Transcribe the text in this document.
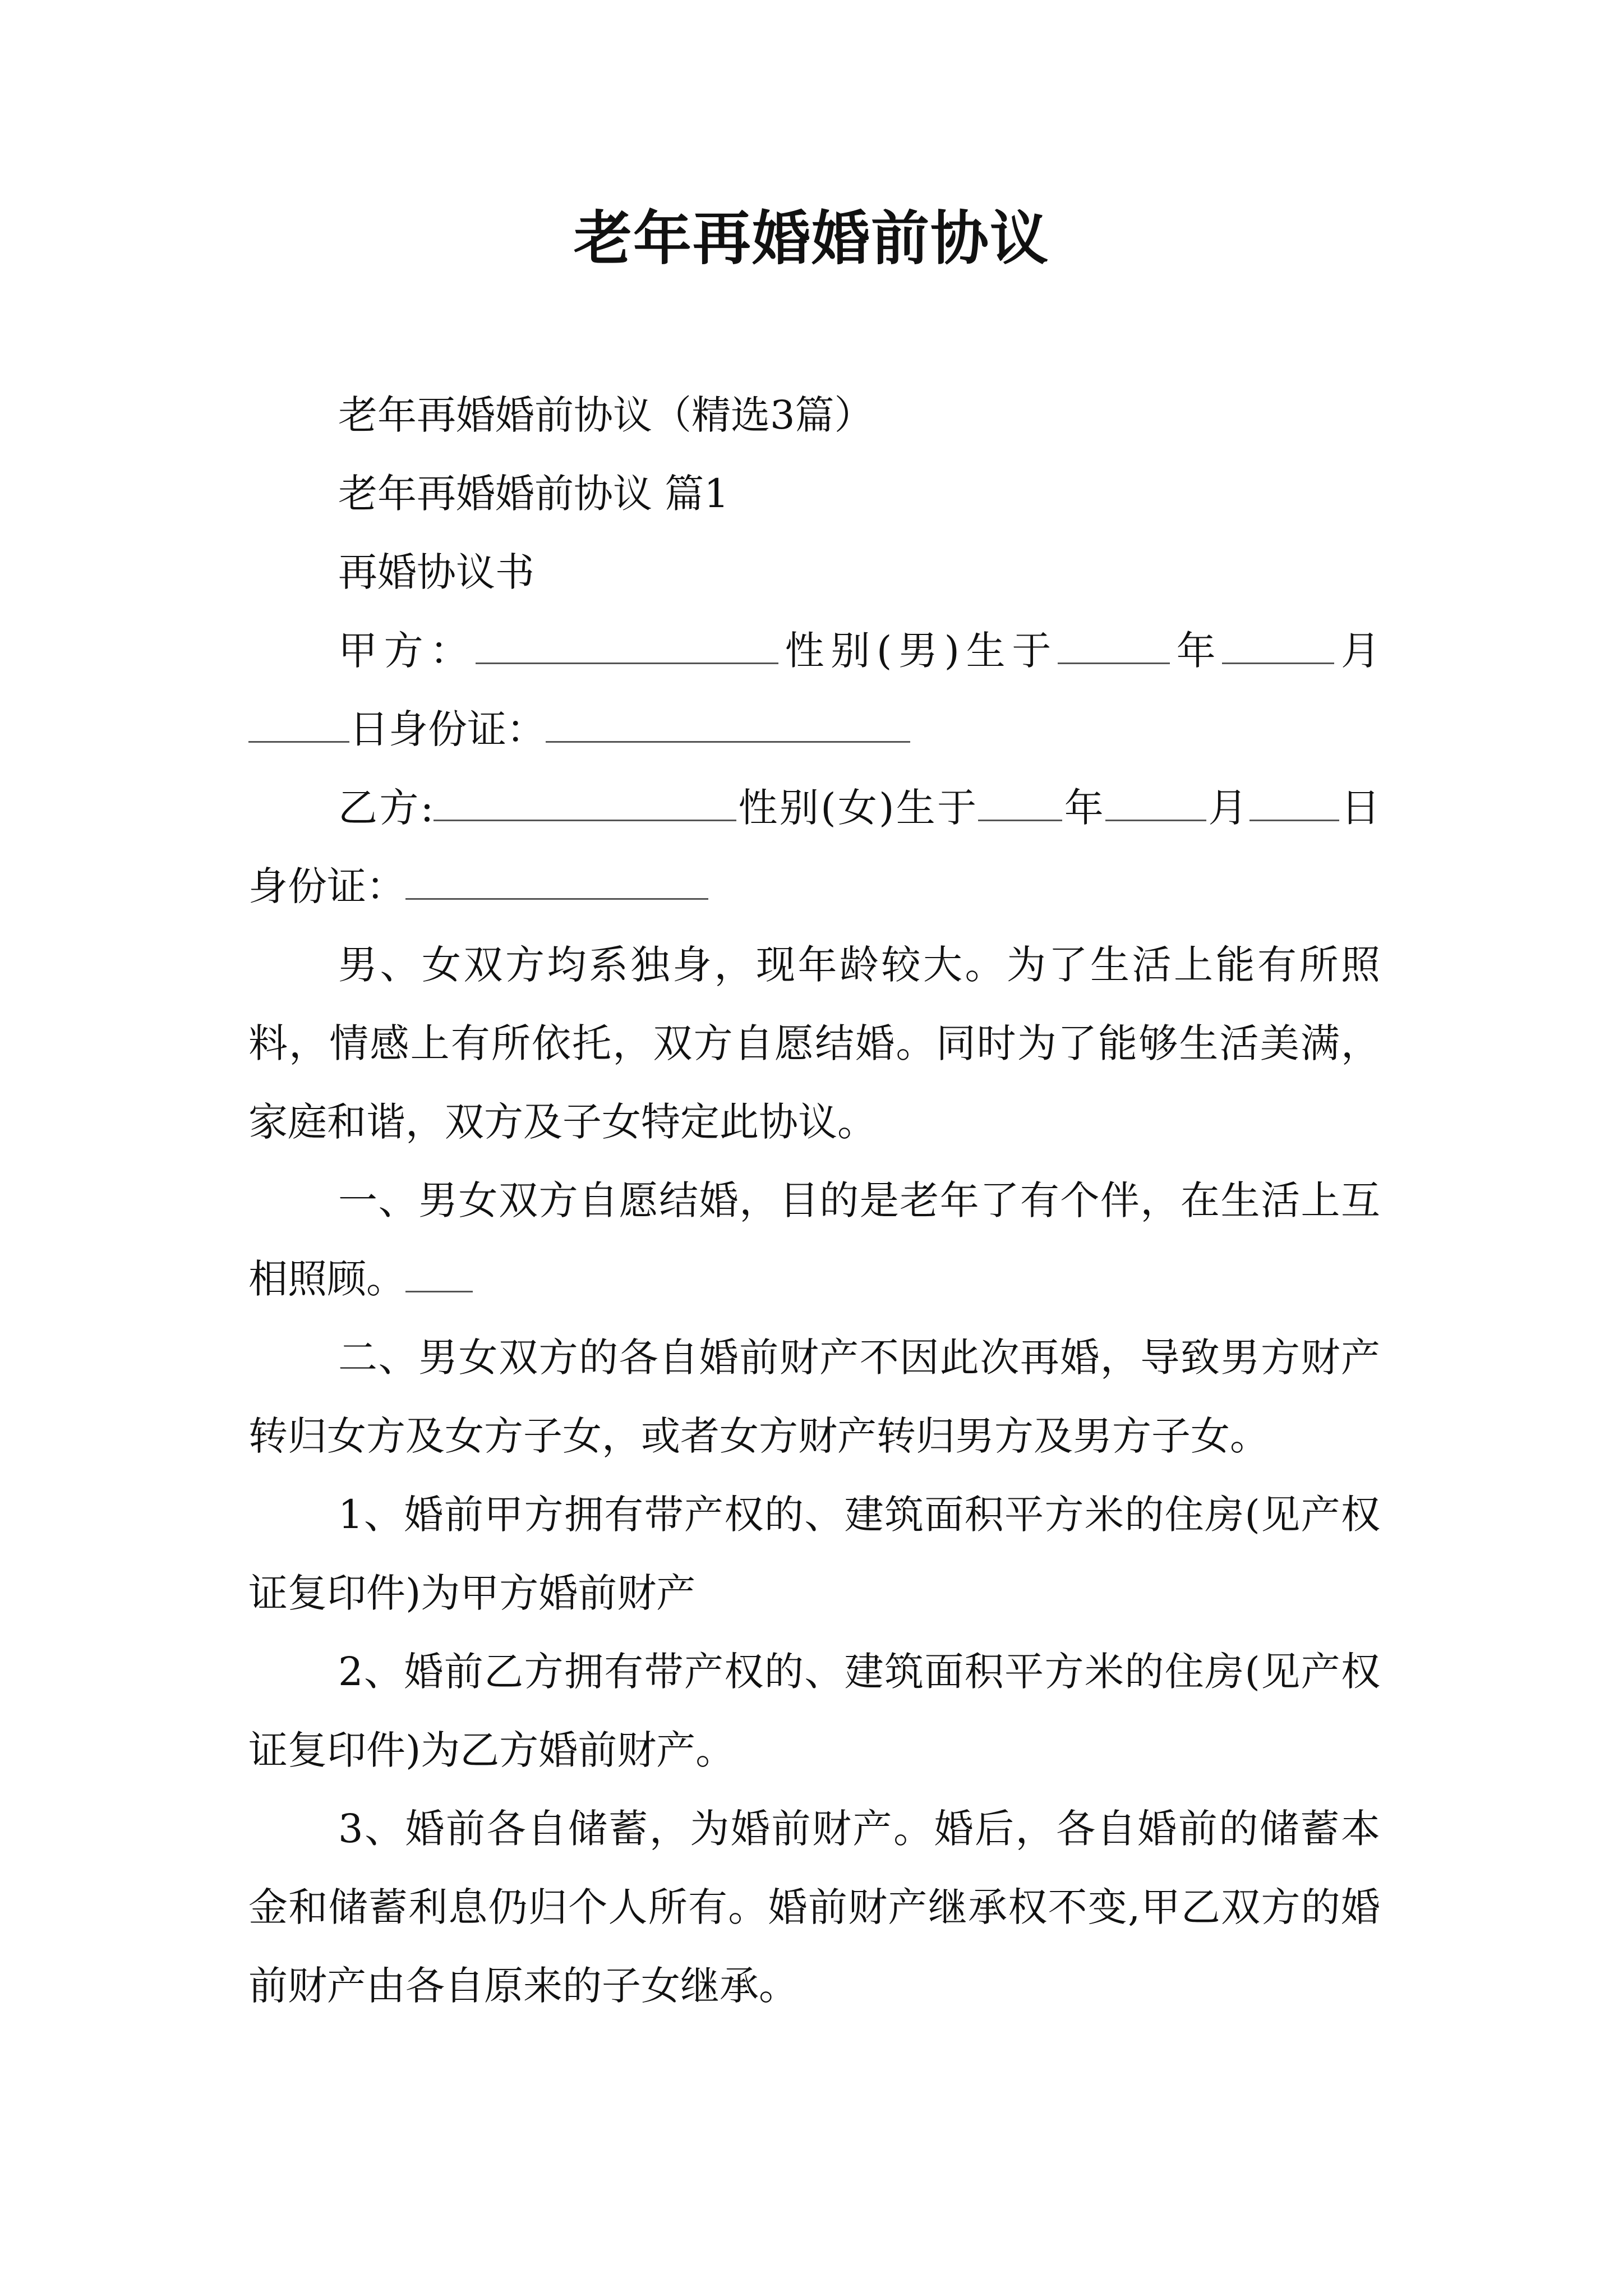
老年再婚婚前协议

老年再婚婚前协议（精选3篇）

老年再婚婚前协议 篇1

再婚协议书

甲方：	性别(男)生于	年	月日身份证：

乙方:	性别(女)生于 年	月 日身份证：

男、女双方均系独身，现年龄较大。为了生活上能有所照料，情感上有所依托，双方自愿结婚。同时为了能够生活美满，家庭和谐，双方及子女特定此协议。

一、男女双方自愿结婚，目的是老年了有个伴，在生活上互相照顾。

二、男女双方的各自婚前财产不因此次再婚，导致男方财产转归女方及女方子女，或者女方财产转归男方及男方子女。

1、婚前甲方拥有带产权的、建筑面积平方米的住房(见产权证复印件)为甲方婚前财产

2、婚前乙方拥有带产权的、建筑面积平方米的住房(见产权证复印件)为乙方婚前财产。

3、婚前各自储蓄，为婚前财产。婚后，各自婚前的储蓄本金和储蓄利息仍归个人所有。婚前财产继承权不变,甲乙双方的婚前财产由各自原来的子女继承。
